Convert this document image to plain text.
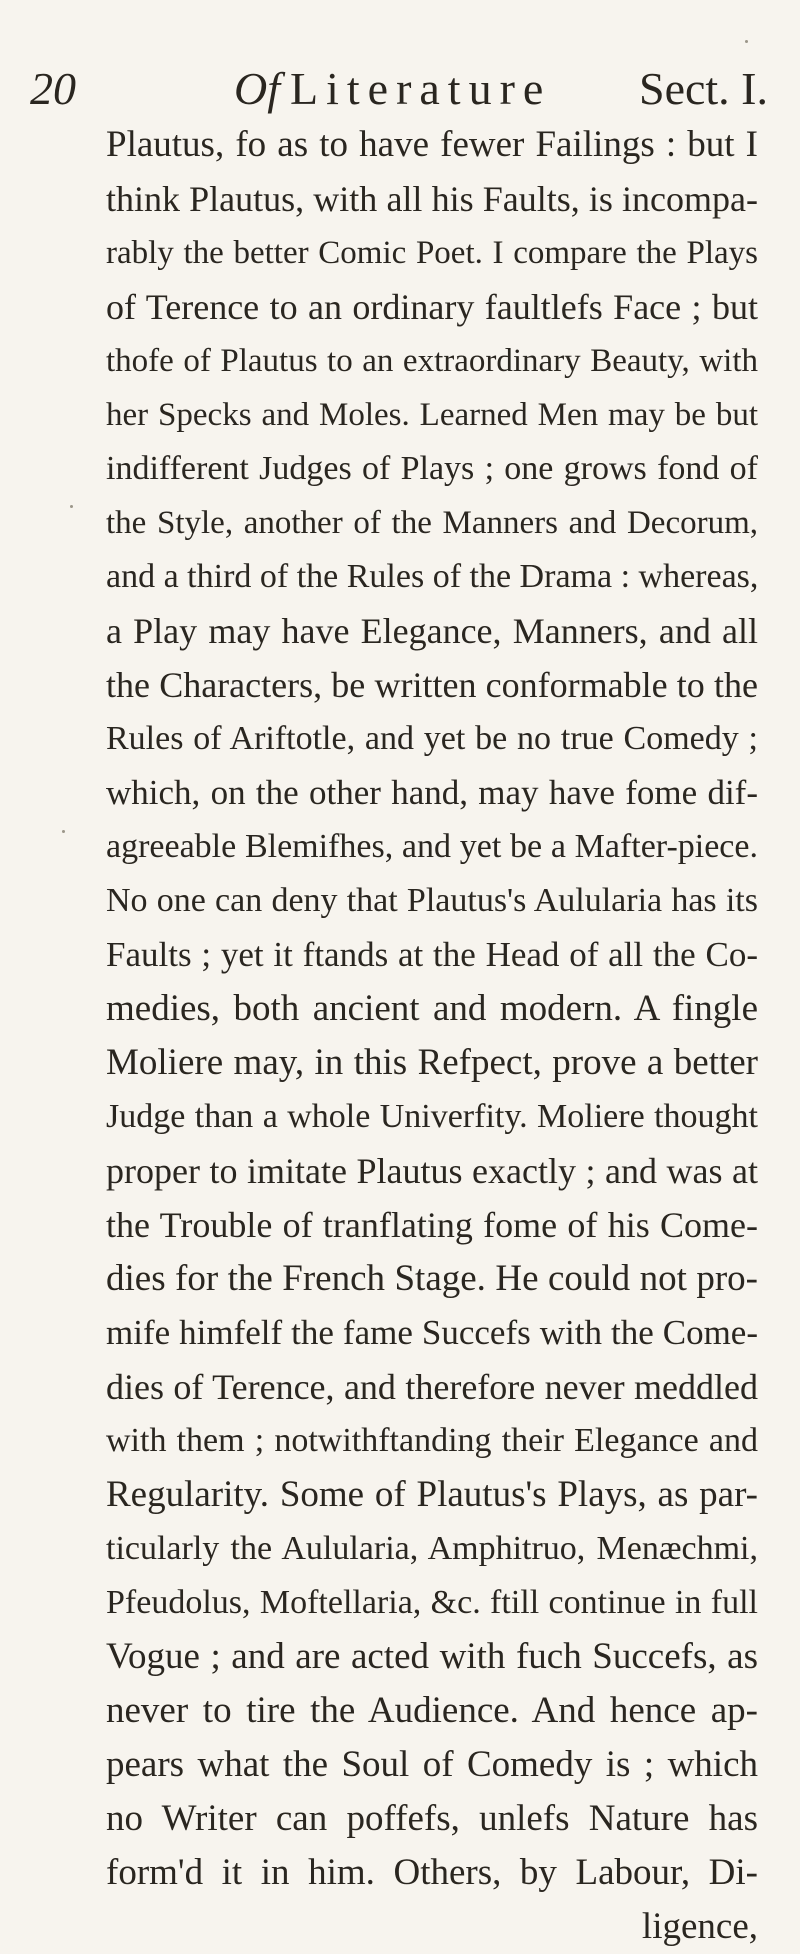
20	Of Literature Sect. I.
Plautus, fo as to have fewer Failings : but I
think Plautus, with all his Faults, is incompa-
rably the better Comic Poet. I compare the Plays
of Terence to an ordinary faultlefs Face ; but
thofe of Plautus to an extraordinary Beauty, with
her Specks and Moles. Learned Men may be but
indifferent Judges of Plays ; one grows fond of
the Style, another of the Manners and Decorum,
and a third of the Rules of the Drama : whereas,
a Play may have Elegance, Manners, and all
the Characters, be written conformable to the
Rules of Ariftotle, and yet be no true Comedy ;
which, on the other hand, may have fome dif-
agreeable Blemifhes, and yet be a Mafter-piece.
No one can deny that Plautus's Aulularia has its
Faults ; yet it ftands at the Head of all the Co-
medies, both ancient and modern. A fingle
Moliere may, in this Refpect, prove a better
Judge than a whole Univerfity. Moliere thought
proper to imitate Plautus exactly ; and was at
the Trouble of tranflating fome of his Come-
dies for the French Stage. He could not pro-
mife himfelf the fame Succefs with the Come-
dies of Terence, and therefore never meddled
with them ; notwithftanding their Elegance and
Regularity. Some of Plautus's Plays, as par-
ticularly the Aulularia, Amphitruo, Menæchmi,
Pfeudolus, Moftellaria, &c. ftill continue in full
Vogue ; and are acted with fuch Succefs, as
never to tire the Audience. And hence ap-
pears what the Soul of Comedy is ; which
no Writer can poffefs, unlefs Nature has
form'd it in him. Others, by Labour, Di-
ligence,
